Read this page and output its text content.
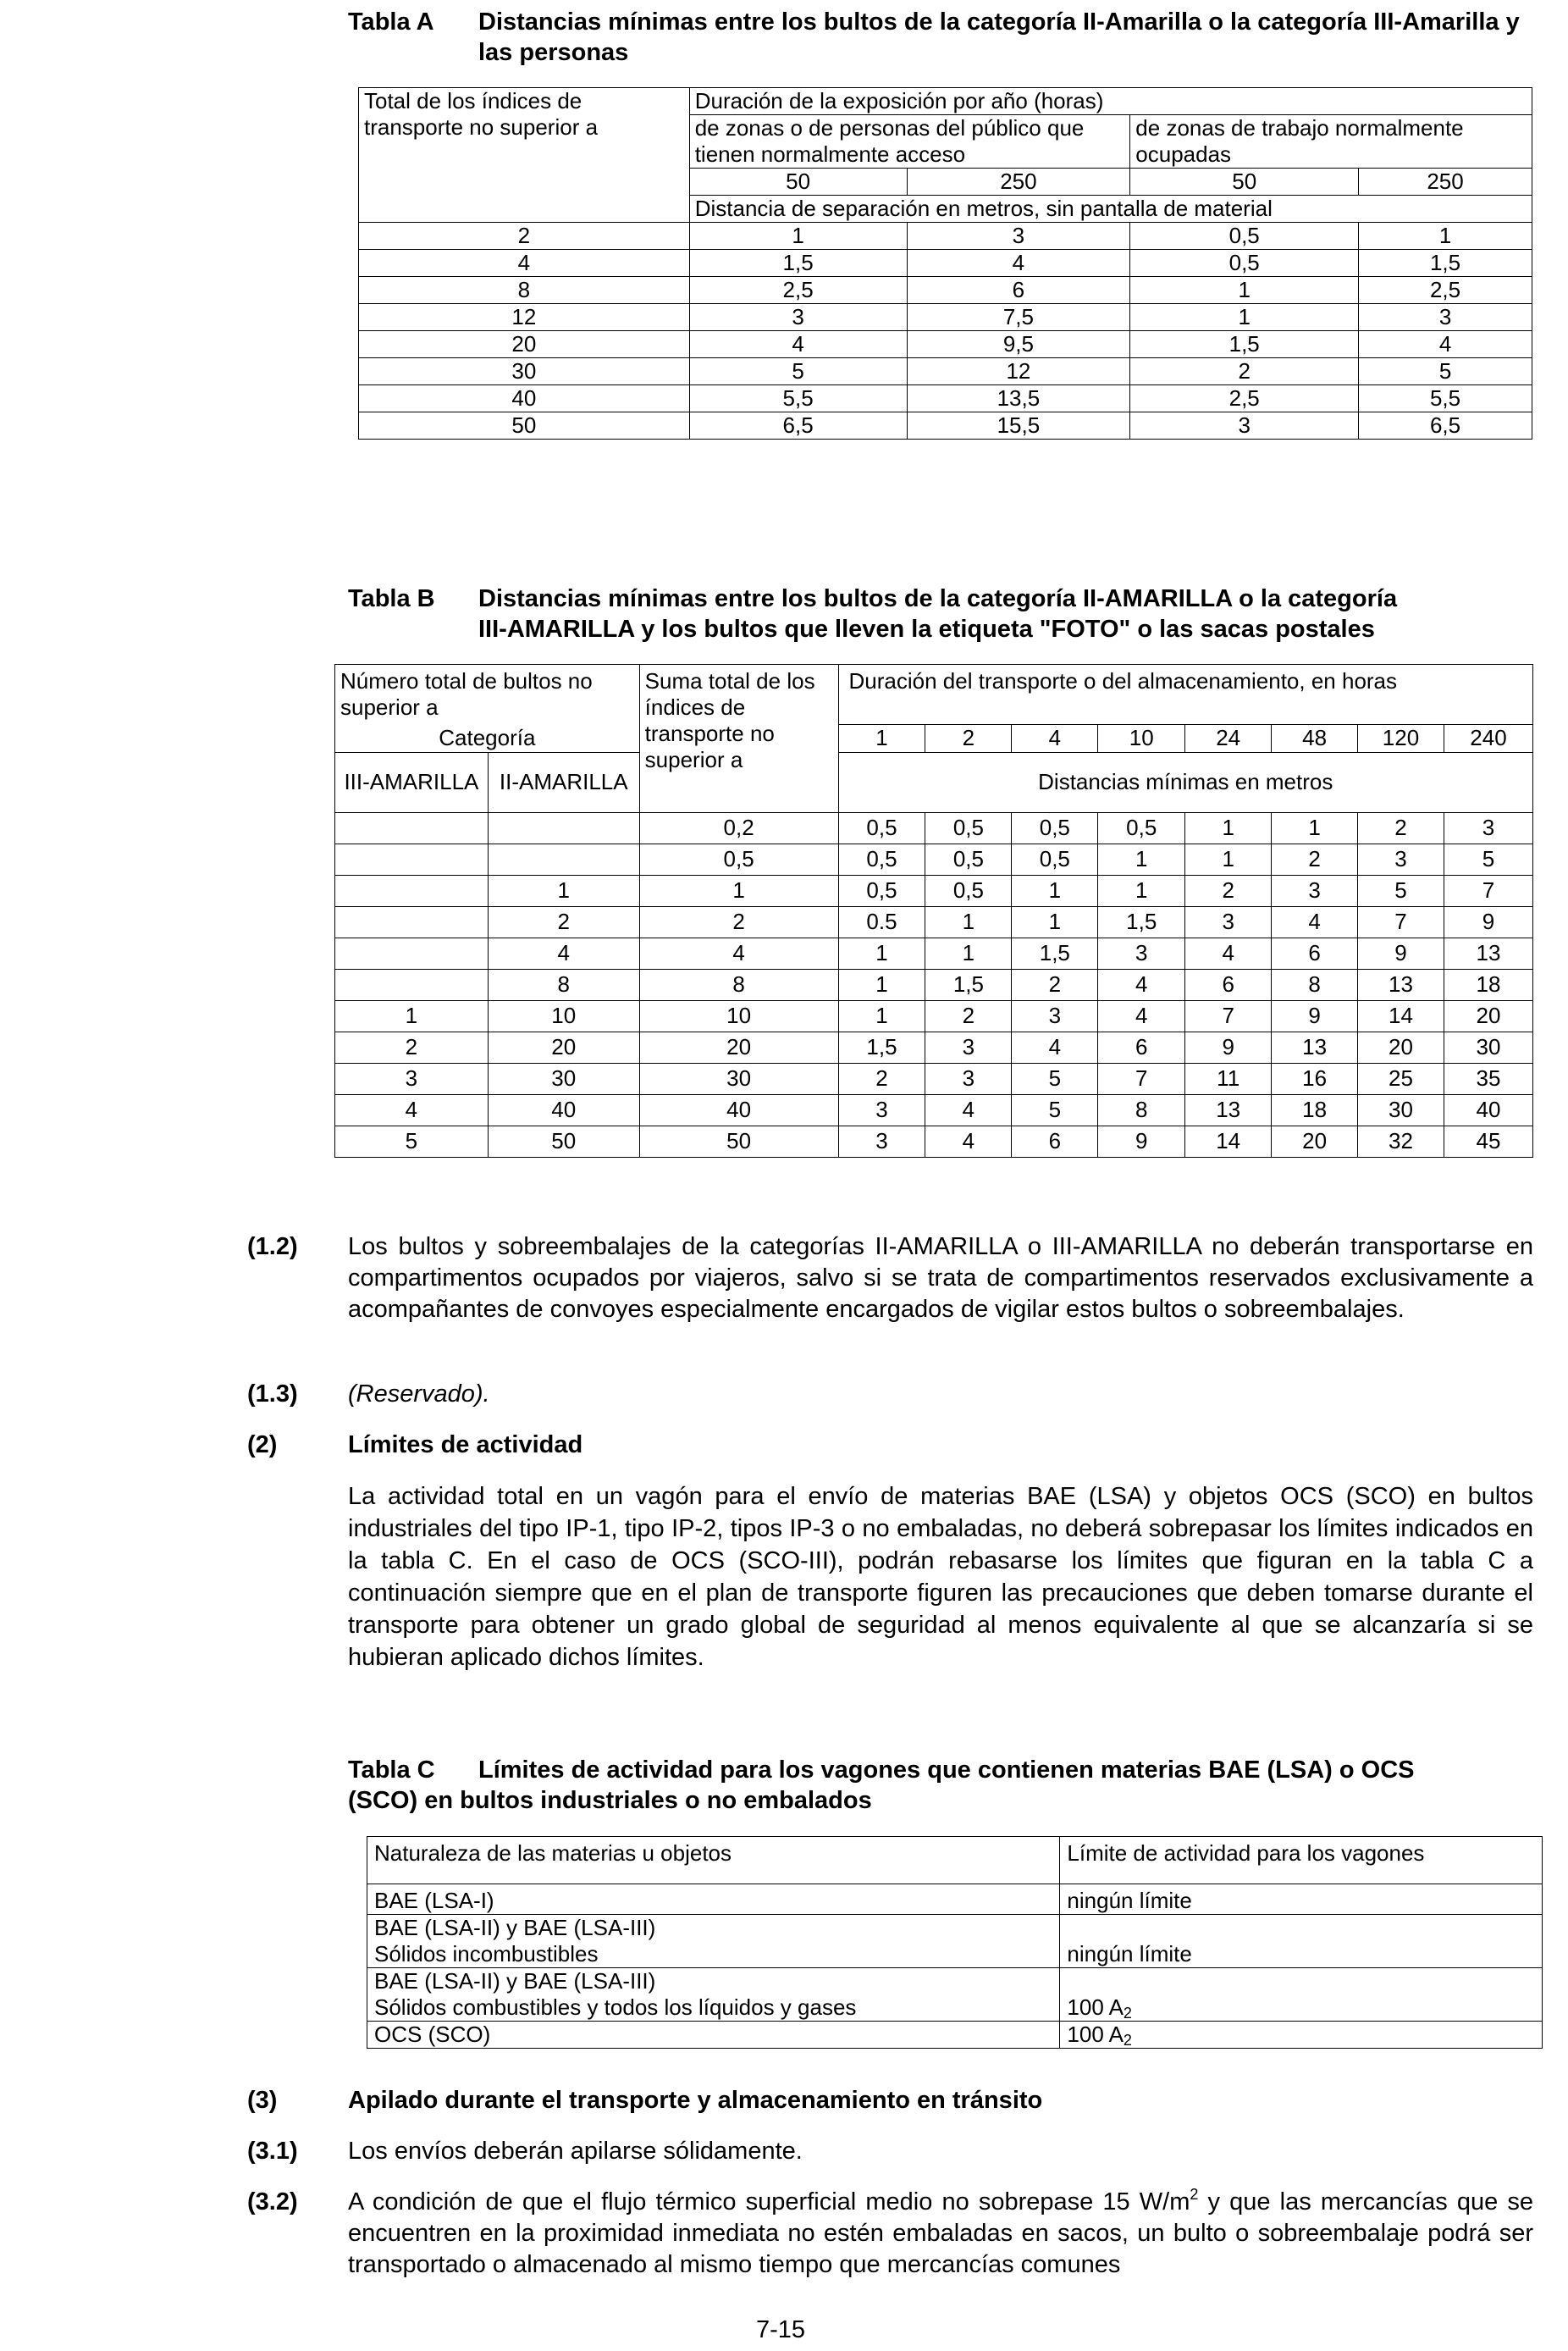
Tabla A Distancias mínimas entre los bultos de la categoría II-Amarilla o la categoría III-Amarilla y las personas
Total de los índices de transporte no superior a	Duración de la exposición por año (horas)			
	de zonas o de personas del público que tienen normalmente acceso		de zonas de trabajo normalmente ocupadas	
	50	250	50	250
	Distancia de separación en metros, sin pantalla de material			
2	1	3	0,5	1
4	1,5	4	0,5	1,5
8	2,5	6	1	2,5
12	3	7,5	1	3
20	4	9,5	1,5	4
30	5	12	2	5
40	5,5	13,5	2,5	5,5
50	6,5	15,5	3	6,5
Tabla B Distancias mínimas entre los bultos de la categoría II-AMARILLA o la categoría
III-AMARILLA y los bultos que lleven la etiqueta "FOTO" o las sacas postales
Número total de bultos no superior a		Suma total de los índices de transporte no superior a	Duración del transporte o del almacenamiento, en horas							
Categoría			1	2	4	10	24	48	120	240
III-AMARILLA	II-AMARILLA		Distancias mínimas en metros							
		0,2	0,5	0,5	0,5	0,5	1	1	2	3
		0,5	0,5	0,5	0,5	1	1	2	3	5
	1	1	0,5	0,5	1	1	2	3	5	7
	2	2	0.5	1	1	1,5	3	4	7	9
	4	4	1	1	1,5	3	4	6	9	13
	8	8	1	1,5	2	4	6	8	13	18
1	10	10	1	2	3	4	7	9	14	20
2	20	20	1,5	3	4	6	9	13	20	30
3	30	30	2	3	5	7	11	16	25	35
4	40	40	3	4	5	8	13	18	30	40
5	50	50	3	4	6	9	14	20	32	45
(1.2) Los bultos y sobreembalajes de la categorías II-AMARILLA o III-AMARILLA no deberán transportarse en compartimentos ocupados por viajeros, salvo si se trata de compartimentos reservados exclusivamente a acompañantes de convoyes especialmente encargados de vigilar estos bultos o sobreembalajes.
(1.3) (Reservado).
(2)	Límites de actividad
La actividad total en un vagón para el envío de materias BAE (LSA) y objetos OCS (SCO) en bultos industriales del tipo IP-1, tipo IP-2, tipos IP-3 o no embaladas, no deberá sobrepasar los límites indicados en la tabla C. En el caso de OCS (SCO-III), podrán rebasarse los límites que figuran en la tabla C a continuación siempre que en el plan de transporte figuren las precauciones que deben tomarse durante el transporte para obtener un grado global de seguridad al menos equivalente al que se alcanzaría si se hubieran aplicado dichos límites.
Tabla C Límites de actividad para los vagones que contienen materias BAE (LSA) o OCS
(SCO) en bultos industriales o no embalados
Naturaleza de las materias u objetos	Límite de actividad para los vagones
BAE (LSA-I)	ningún límite

BAE (LSA-II) y BAE (LSA-III)
Sólidos incombustibles	ningún límite

BAE (LSA-II) y BAE (LSA-III)
Sólidos combustibles y todos los líquidos y gases	100 $A_2$
OCS (SCO)	100 $A_2$
(3)	Apilado durante el transporte y almacenamiento en tránsito
(3.1) Los envíos deberán apilarse sólidamente.
(3.2) A condición de que el flujo térmico superficial medio no sobrepase 15 $W/m^2$ y que las mercancías que se encuentren en la proximidad inmediata no estén embaladas en sacos, un bulto o sobreembalaje podrá ser transportado o almacenado al mismo tiempo que mercancías comunes
7-15
